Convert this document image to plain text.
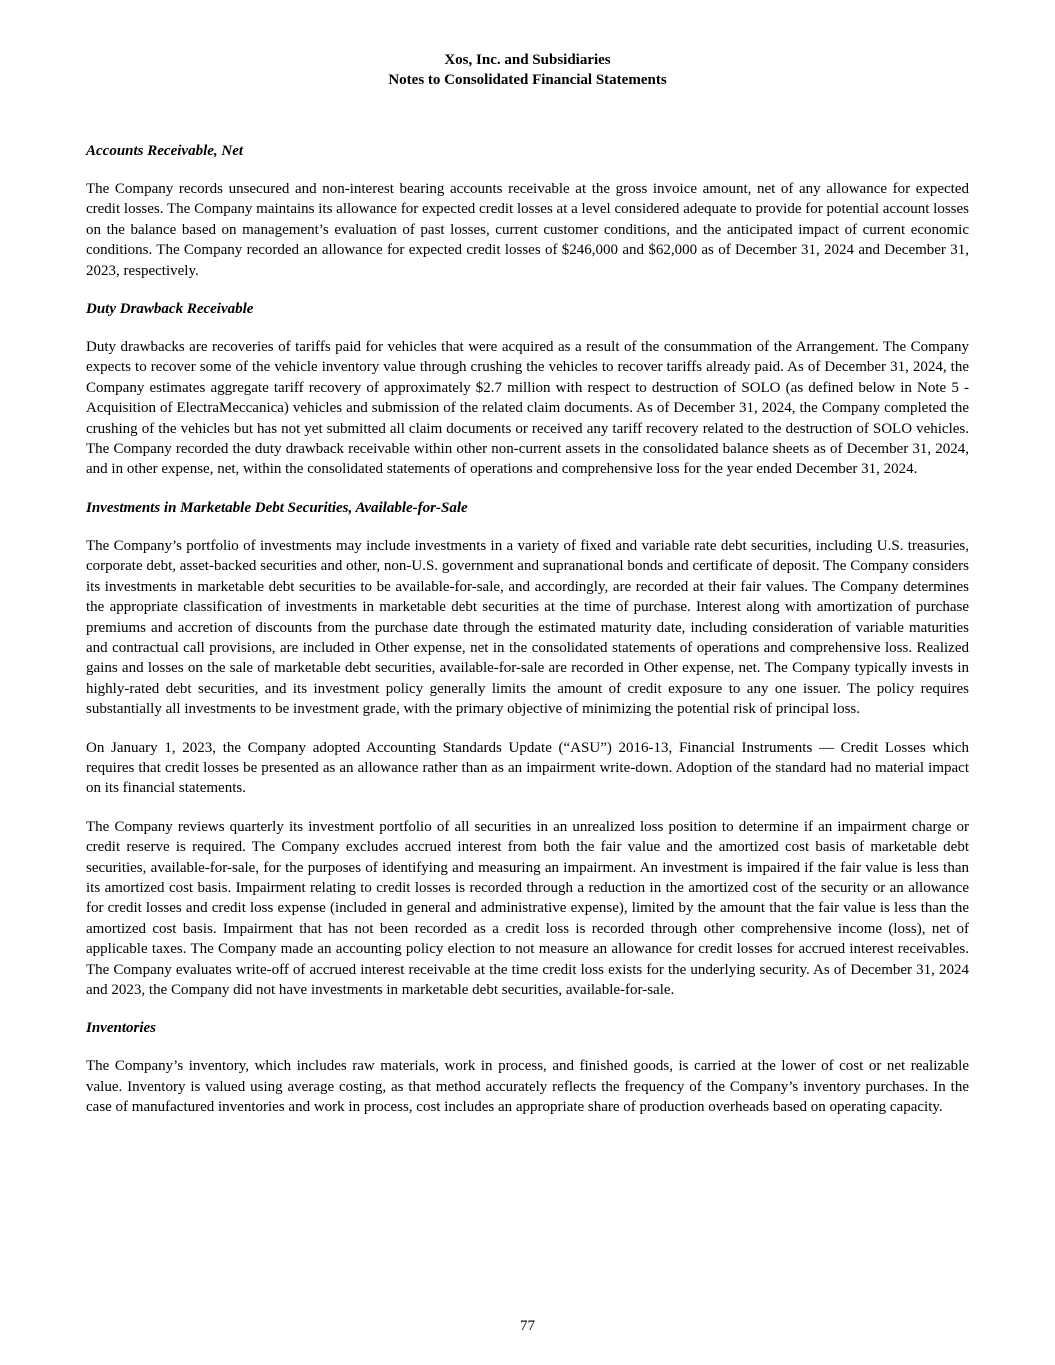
Xos, Inc. and Subsidiaries
Notes to Consolidated Financial Statements
Accounts Receivable, Net

The Company records unsecured and non-interest bearing accounts receivable at the gross invoice amount, net of any allowance for expected credit losses. The Company maintains its allowance for expected credit losses at a level considered adequate to provide for potential account losses on the balance based on management’s evaluation of past losses, current customer conditions, and the anticipated impact of current economic conditions. The Company recorded an allowance for expected credit losses of $246,000 and $62,000 as of December 31, 2024 and December 31, 2023, respectively.

Duty Drawback Receivable

Duty drawbacks are recoveries of tariffs paid for vehicles that were acquired as a result of the consummation of the Arrangement. The Company expects to recover some of the vehicle inventory value through crushing the vehicles to recover tariffs already paid. As of December 31, 2024, the Company estimates aggregate tariff recovery of approximately $2.7 million with respect to destruction of SOLO (as defined below in Note 5 - Acquisition of ElectraMeccanica) vehicles and submission of the related claim documents. As of December 31, 2024, the Company completed the crushing of the vehicles but has not yet submitted all claim documents or received any tariff recovery related to the destruction of SOLO vehicles. The Company recorded the duty drawback receivable within other non-current assets in the consolidated balance sheets as of December 31, 2024, and in other expense, net, within the consolidated statements of operations and comprehensive loss for the year ended December 31, 2024.

Investments in Marketable Debt Securities, Available-for-Sale

The Company’s portfolio of investments may include investments in a variety of fixed and variable rate debt securities, including U.S. treasuries, corporate debt, asset-backed securities and other, non-U.S. government and supranational bonds and certificate of deposit. The Company considers its investments in marketable debt securities to be available-for-sale, and accordingly, are recorded at their fair values. The Company determines the appropriate classification of investments in marketable debt securities at the time of purchase. Interest along with amortization of purchase premiums and accretion of discounts from the purchase date through the estimated maturity date, including consideration of variable maturities and contractual call provisions, are included in Other expense, net in the consolidated statements of operations and comprehensive loss. Realized gains and losses on the sale of marketable debt securities, available-for-sale are recorded in Other expense, net. The Company typically invests in highly-rated debt securities, and its investment policy generally limits the amount of credit exposure to any one issuer. The policy requires substantially all investments to be investment grade, with the primary objective of minimizing the potential risk of principal loss.

On January 1, 2023, the Company adopted Accounting Standards Update (“ASU”) 2016-13, Financial Instruments — Credit Losses which requires that credit losses be presented as an allowance rather than as an impairment write-down. Adoption of the standard had no material impact on its financial statements.

The Company reviews quarterly its investment portfolio of all securities in an unrealized loss position to determine if an impairment charge or credit reserve is required. The Company excludes accrued interest from both the fair value and the amortized cost basis of marketable debt securities, available-for-sale, for the purposes of identifying and measuring an impairment. An investment is impaired if the fair value is less than its amortized cost basis. Impairment relating to credit losses is recorded through a reduction in the amortized cost of the security or an allowance for credit losses and credit loss expense (included in general and administrative expense), limited by the amount that the fair value is less than the amortized cost basis. Impairment that has not been recorded as a credit loss is recorded through other comprehensive income (loss), net of applicable taxes. The Company made an accounting policy election to not measure an allowance for credit losses for accrued interest receivables. The Company evaluates write-off of accrued interest receivable at the time credit loss exists for the underlying security. As of December 31, 2024 and 2023, the Company did not have investments in marketable debt securities, available-for-sale.

Inventories

The Company’s inventory, which includes raw materials, work in process, and finished goods, is carried at the lower of cost or net realizable value. Inventory is valued using average costing, as that method accurately reflects the frequency of the Company’s inventory purchases. In the case of manufactured inventories and work in process, cost includes an appropriate share of production overheads based on operating capacity.

77
